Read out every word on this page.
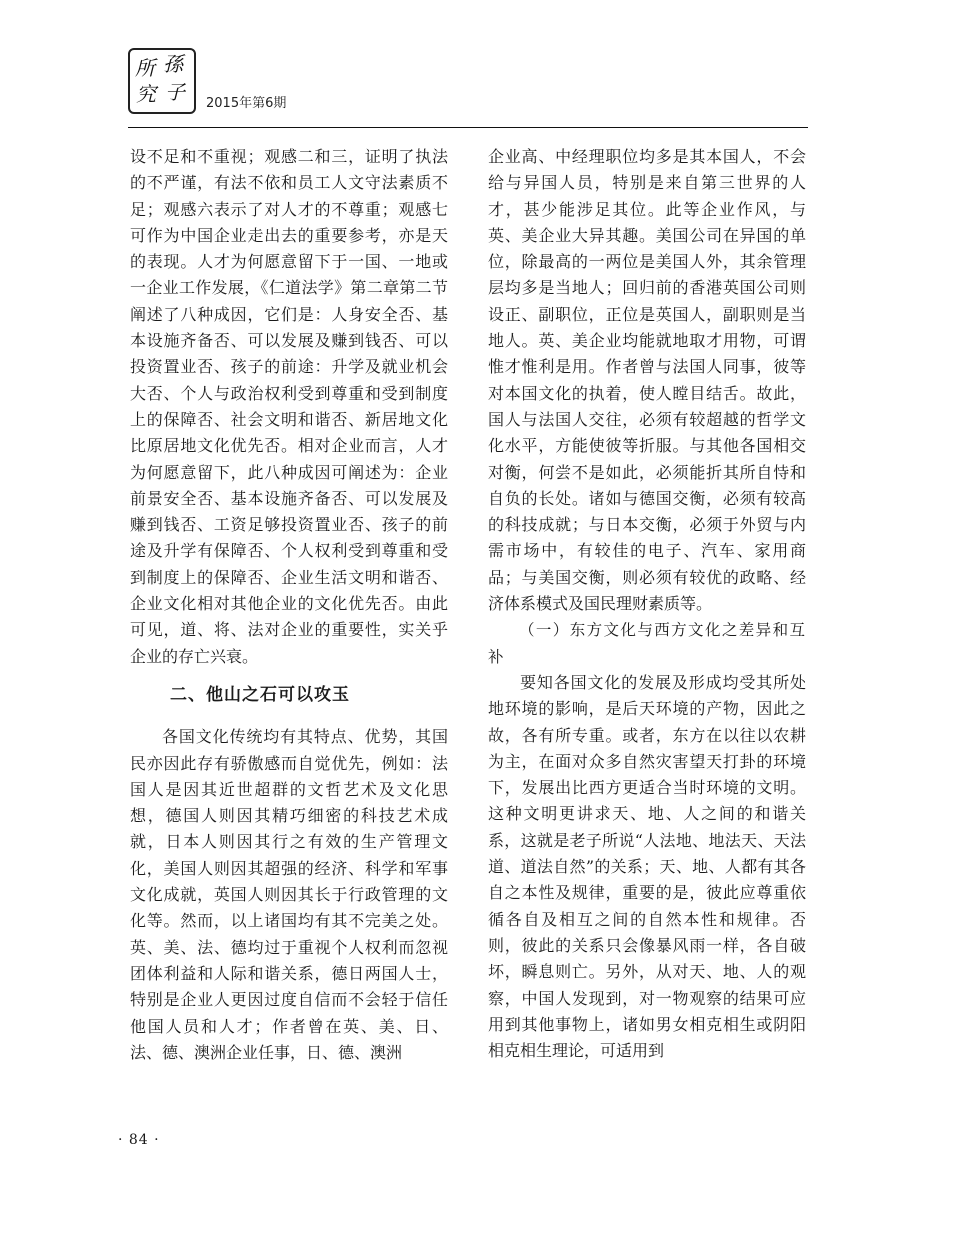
所 孫
究 子 2015年第6期

设不足和不重视；观感二和三，证明了执法的不严谨，有法不依和员工人文守法素质不足；观感六表示了对人才的不尊重；观感七可作为中国企业走出去的重要参考，亦是天的表现。人才为何愿意留下于一国、一地或一企业工作发展，《仁道法学》第二章第二节阐述了八种成因，它们是：人身安全否、基本设施齐备否、可以发展及赚到钱否、可以投资置业否、孩子的前途：升学及就业机会大否、个人与政治权利受到尊重和受到制度上的保障否、社会文明和谐否、新居地文化比原居地文化优先否。相对企业而言，人才为何愿意留下，此八种成因可阐述为：企业前景安全否、基本设施齐备否、可以发展及赚到钱否、工资足够投资置业否、孩子的前途及升学有保障否、个人权利受到尊重和受到制度上的保障否、企业生活文明和谐否、企业文化相对其他企业的文化优先否。由此可见，道、将、法对企业的重要性，实关乎企业的存亡兴衰。

二、他山之石可以攻玉

各国文化传统均有其特点、优势，其国民亦因此存有骄傲感而自觉优先，例如：法国人是因其近世超群的文哲艺术及文化思想，德国人则因其精巧细密的科技艺术成就，日本人则因其行之有效的生产管理文化，美国人则因其超强的经济、科学和军事文化成就，英国人则因其长于行政管理的文化等。然而，以上诸国均有其不完美之处。英、美、法、德均过于重视个人权利而忽视团体利益和人际和谐关系，德日两国人士，特别是企业人更因过度自信而不会轻于信任他国人员和人才；作者曾在英、美、日、法、德、澳洲企业任事，日、德、澳洲

企业高、中经理职位均多是其本国人，不会给与异国人员，特别是来自第三世界的人才，甚少能涉足其位。此等企业作风，与英、美企业大异其趣。美国公司在异国的单位，除最高的一两位是美国人外，其余管理层均多是当地人；回归前的香港英国公司则设正、副职位，正位是英国人，副职则是当地人。英、美企业均能就地取才用物，可谓惟才惟利是用。作者曾与法国人同事，彼等对本国文化的执着，使人瞠目结舌。故此，国人与法国人交往，必须有较超越的哲学文化水平，方能使彼等折服。与其他各国相交对衡，何尝不是如此，必须能折其所自恃和自负的长处。诸如与德国交衡，必须有较高的科技成就；与日本交衡，必须于外贸与内需市场中，有较佳的电子、汽车、家用商品；与美国交衡，则必须有较优的政略、经济体系模式及国民理财素质等。

（一）东方文化与西方文化之差异和互补

要知各国文化的发展及形成均受其所处地环境的影响，是后天环境的产物，因此之故，各有所专重。或者，东方在以往以农耕为主，在面对众多自然灾害望天打卦的环境下，发展出比西方更适合当时环境的文明。这种文明更讲求天、地、人之间的和谐关系，这就是老子所说“人法地、地法天、天法道、道法自然”的关系；天、地、人都有其各自之本性及规律，重要的是，彼此应尊重依循各自及相互之间的自然本性和规律。否则，彼此的关系只会像暴风雨一样，各自破坏，瞬息则亡。另外，从对天、地、人的观察，中国人发现到，对一物观察的结果可应用到其他事物上，诸如男女相克相生或阴阳相克相生理论，可适用到

· 84 ·
